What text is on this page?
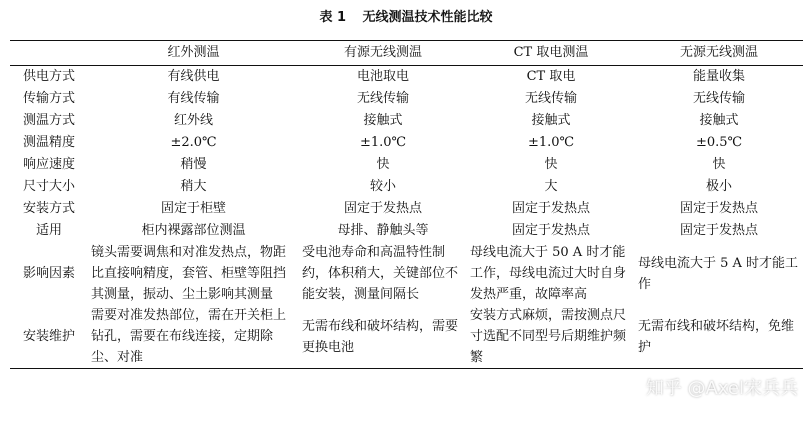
表 1 无线测温技术性能比较
	红外测温	有源无线测温	CT 取电测温	无源无线测温
供电方式	有线供电	电池取电	CT 取电	能量收集
传输方式	有线传输	无线传输	无线传输	无线传输
测温方式	红外线	接触式	接触式	接触式
测温精度	±2.0℃	±1.0℃	±1.0℃	±0.5℃
响应速度	稍慢	快	快	快
尺寸大小	稍大	较小	大	极小
安装方式	固定于柜壁	固定于发热点	固定于发热点	固定于发热点
适用	柜内裸露部位测温	母排、静触头等	固定于发热点	固定于发热点
影响因素	镜头需要调焦和对准发热点，物距比直接响精度，套管、柜壁等阻挡其测量，振动、尘土影响其测量	受电池寿命和高温特性制约，体积稍大，关键部位不能安装，测量间隔长	母线电流大于 50 A 时才能工作，母线电流过大时自身发热严重，故障率高	母线电流大于 5 A 时才能工作
安装维护	需要对准发热部位，需在开关柜上钻孔，需要在布线连接，定期除尘、对准	无需布线和破坏结构，需要更换电池	安装方式麻烦，需按测点尺寸选配不同型号后期维护频繁	无需布线和破坏结构，免维护
知乎 @Axel宋兵兵
